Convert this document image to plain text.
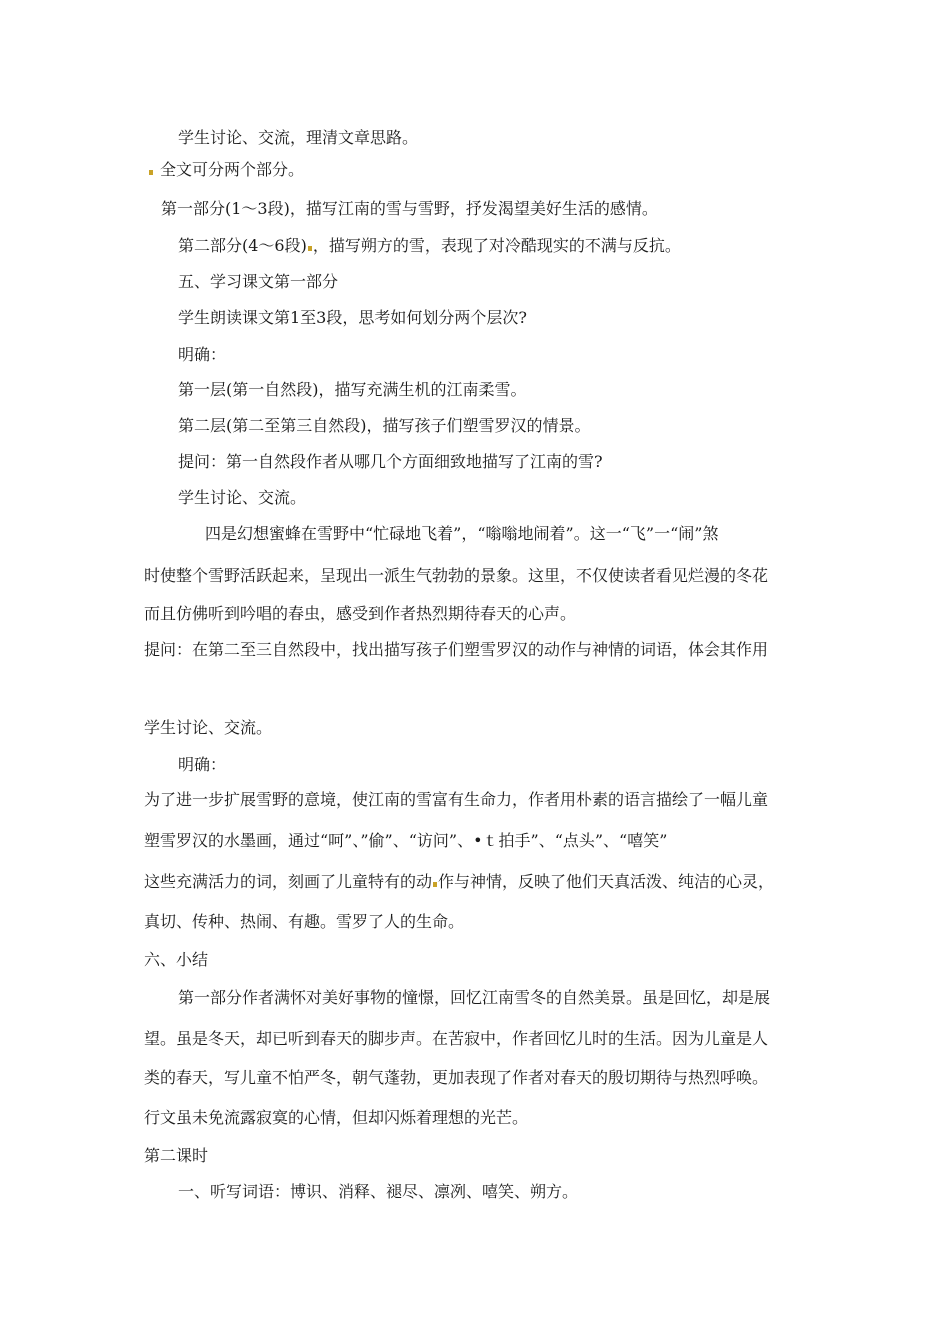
学生讨论、交流，理清文章思路。
全文可分两个部分。
第一部分(1～3段)，描写江南的雪与雪野，抒发渴望美好生活的感情。
第二部分(4～6段) ，描写朔方的雪，表现了对冷酷现实的不满与反抗。
五、学习课文第一部分
学生朗读课文第1至3段，思考如何划分两个层次?
明确：
第一层(第一自然段)，描写充满生机的江南柔雪。
第二层(第二至第三自然段)，描写孩子们塑雪罗汉的情景。
提问：第一自然段作者从哪几个方面细致地描写了江南的雪?
学生讨论、交流。
四是幻想蜜蜂在雪野中“忙碌地飞着”，“嗡嗡地闹着”。这一“飞”一“闹”煞
时使整个雪野活跃起来，呈现出一派生气勃勃的景象。这里，不仅使读者看见烂漫的冬花
而且仿佛听到吟唱的春虫，感受到作者热烈期待春天的心声。
提问：在第二至三自然段中，找出描写孩子们塑雪罗汉的动作与神情的词语，体会其作用
学生讨论、交流。
明确：
为了进一步扩展雪野的意境，使江南的雪富有生命力，作者用朴素的语言描绘了一幅儿童
塑雪罗汉的水墨画，通过“呵”、”偷”、“访问”、•ｔ拍手”、“点头”、“嘻笑”
这些充满活力的词，刻画了儿童特有的动 作与神情，反映了他们天真活泼、纯洁的心灵，
真切、传种、热闹、有趣。雪罗了人的生命。
六、小结
第一部分作者满怀对美好事物的憧憬，回忆江南雪冬的自然美景。虽是回忆，却是展
望。虽是冬天，却已听到春天的脚步声。在苦寂中，作者回忆儿时的生活。因为儿童是人
类的春天，写儿童不怕严冬，朝气蓬勃，更加表现了作者对春天的殷切期待与热烈呼唤。
行文虽未免流露寂寞的心情，但却闪烁着理想的光芒。
第二课时
一、听写词语：博识、消释、褪尽、凛冽、嘻笑、朔方。
